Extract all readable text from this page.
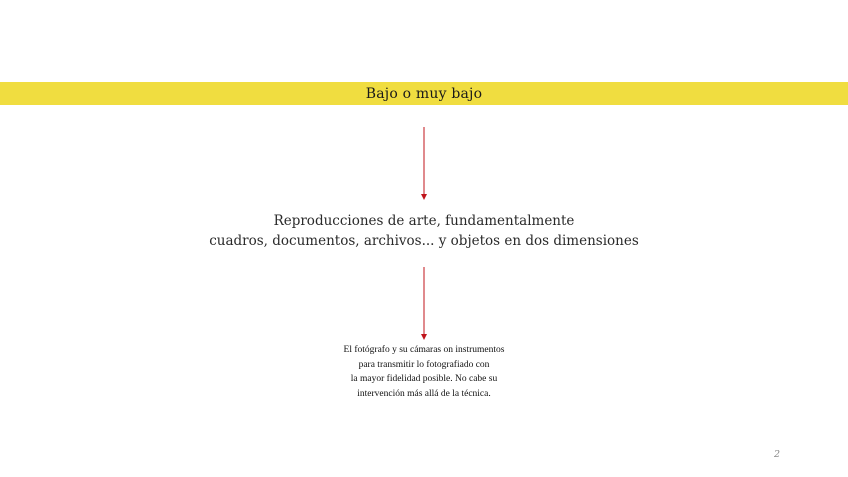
Bajo o muy bajo
Reproducciones de arte, fundamentalmente
cuadros, documentos, archivos... y objetos en dos dimensiones
El fotógrafo y su cámaras on instrumentos
para transmitir lo fotografiado con
la mayor fidelidad posible. No cabe su
intervención más allá de la técnica.
2
